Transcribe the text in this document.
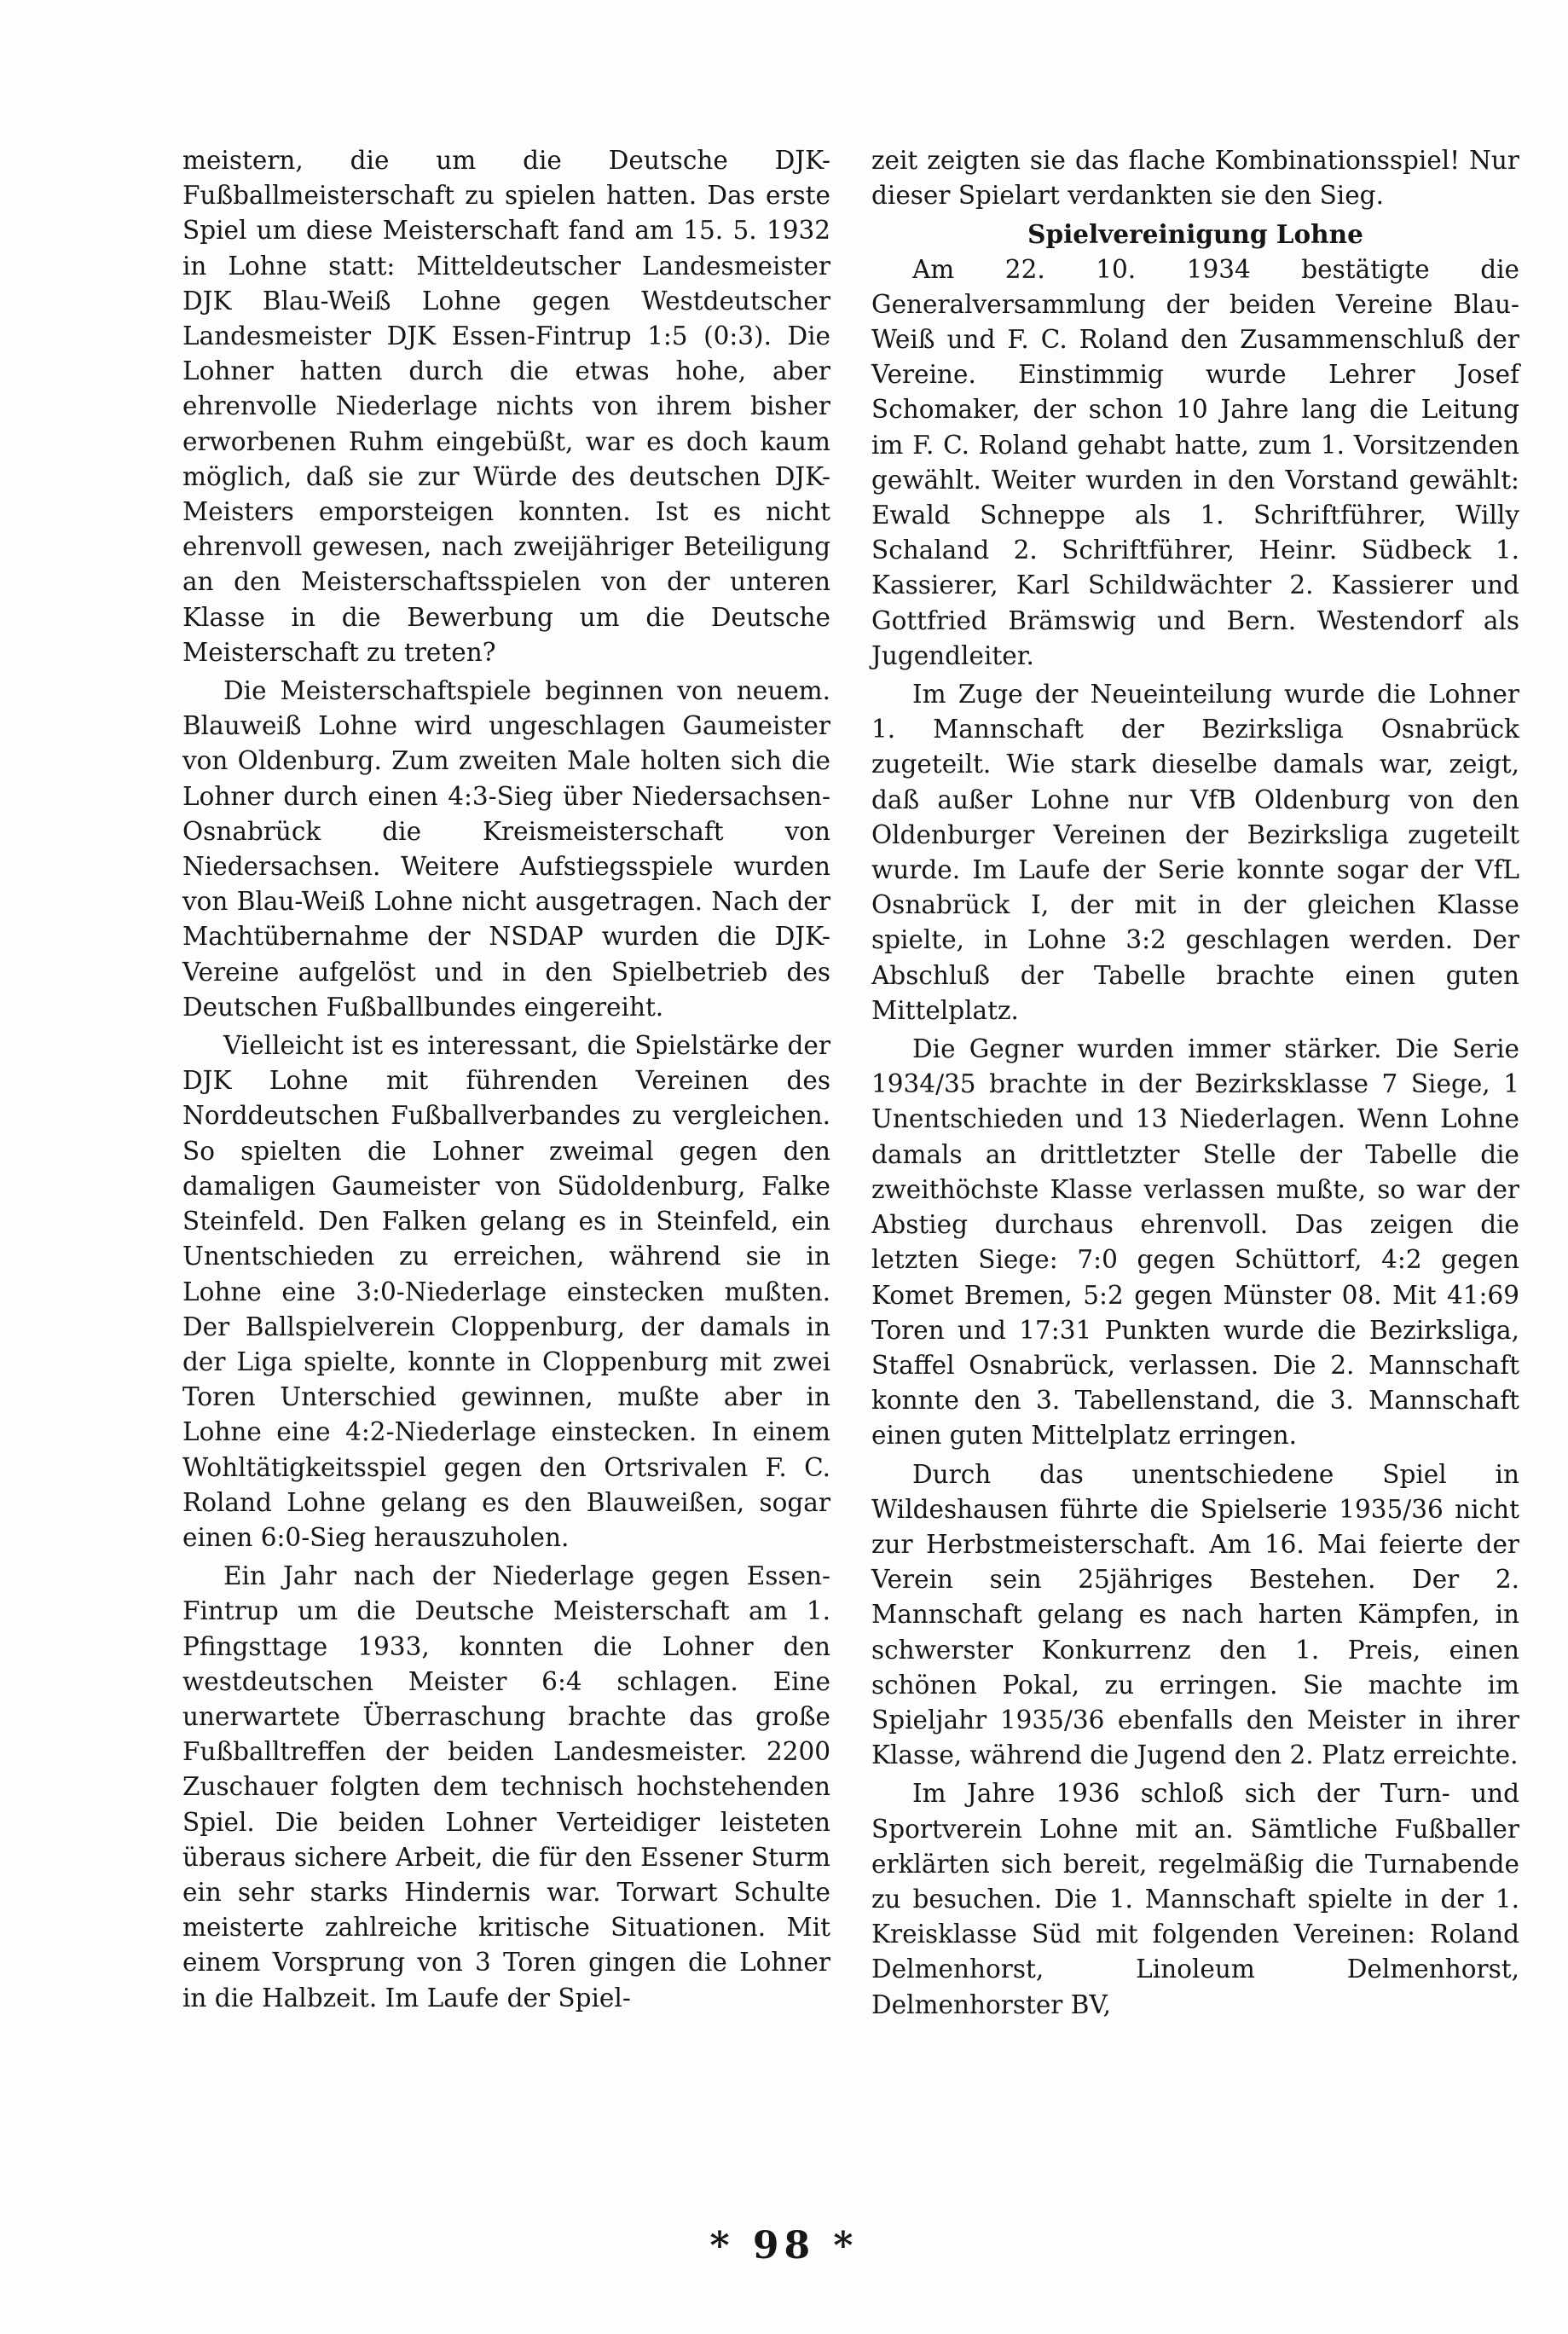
meistern, die um die Deutsche DJK-Fußballmeisterschaft zu spielen hatten. Das erste Spiel um diese Meisterschaft fand am 15. 5. 1932 in Lohne statt: Mitteldeutscher Landesmeister DJK Blau-Weiß Lohne gegen Westdeutscher Landesmeister DJK Essen-Fintrup 1:5 (0:3). Die Lohner hatten durch die etwas hohe, aber ehrenvolle Niederlage nichts von ihrem bisher erworbenen Ruhm eingebüßt, war es doch kaum möglich, daß sie zur Würde des deutschen DJK-Meisters emporsteigen konnten. Ist es nicht ehrenvoll gewesen, nach zweijähriger Beteiligung an den Meisterschaftsspielen von der unteren Klasse in die Bewerbung um die Deutsche Meisterschaft zu treten?

Die Meisterschaftspiele beginnen von neuem. Blauweiß Lohne wird ungeschlagen Gaumeister von Oldenburg. Zum zweiten Male holten sich die Lohner durch einen 4:3-Sieg über Niedersachsen-Osnabrück die Kreismeisterschaft von Niedersachsen. Weitere Aufstiegsspiele wurden von Blau-Weiß Lohne nicht ausgetragen. Nach der Machtübernahme der NSDAP wurden die DJK-Vereine aufgelöst und in den Spielbetrieb des Deutschen Fußballbundes eingereiht.

Vielleicht ist es interessant, die Spielstärke der DJK Lohne mit führenden Vereinen des Norddeutschen Fußballverbandes zu vergleichen. So spielten die Lohner zweimal gegen den damaligen Gaumeister von Südoldenburg, Falke Steinfeld. Den Falken gelang es in Steinfeld, ein Unentschieden zu erreichen, während sie in Lohne eine 3:0-Niederlage einstecken mußten. Der Ballspielverein Cloppenburg, der damals in der Liga spielte, konnte in Cloppenburg mit zwei Toren Unterschied gewinnen, mußte aber in Lohne eine 4:2-Niederlage einstecken. In einem Wohltätigkeitsspiel gegen den Ortsrivalen F. C. Roland Lohne gelang es den Blauweißen, sogar einen 6:0-Sieg herauszuholen.

Ein Jahr nach der Niederlage gegen Essen-Fintrup um die Deutsche Meisterschaft am 1. Pfingsttage 1933, konnten die Lohner den westdeutschen Meister 6:4 schlagen. Eine unerwartete Überraschung brachte das große Fußballtreffen der beiden Landesmeister. 2200 Zuschauer folgten dem technisch hochstehenden Spiel. Die beiden Lohner Verteidiger leisteten überaus sichere Arbeit, die für den Essener Sturm ein sehr starks Hindernis war. Torwart Schulte meisterte zahlreiche kritische Situationen. Mit einem Vorsprung von 3 Toren gingen die Lohner in die Halbzeit. Im Laufe der Spiel-

zeit zeigten sie das flache Kombinationsspiel! Nur dieser Spielart verdankten sie den Sieg.

Spielvereinigung Lohne

Am 22. 10. 1934 bestätigte die Generalversammlung der beiden Vereine Blau-Weiß und F. C. Roland den Zusammenschluß der Vereine. Einstimmig wurde Lehrer Josef Schomaker, der schon 10 Jahre lang die Leitung im F. C. Roland gehabt hatte, zum 1. Vorsitzenden gewählt. Weiter wurden in den Vorstand gewählt: Ewald Schneppe als 1. Schriftführer, Willy Schaland 2. Schriftführer, Heinr. Südbeck 1. Kassierer, Karl Schildwächter 2. Kassierer und Gottfried Brämswig und Bern. Westendorf als Jugendleiter.

Im Zuge der Neueinteilung wurde die Lohner 1. Mannschaft der Bezirksliga Osnabrück zugeteilt. Wie stark dieselbe damals war, zeigt, daß außer Lohne nur VfB Oldenburg von den Oldenburger Vereinen der Bezirksliga zugeteilt wurde. Im Laufe der Serie konnte sogar der VfL Osnabrück I, der mit in der gleichen Klasse spielte, in Lohne 3:2 geschlagen werden. Der Abschluß der Tabelle brachte einen guten Mittelplatz.

Die Gegner wurden immer stärker. Die Serie 1934/35 brachte in der Bezirksklasse 7 Siege, 1 Unentschieden und 13 Niederlagen. Wenn Lohne damals an drittletzter Stelle der Tabelle die zweithöchste Klasse verlassen mußte, so war der Abstieg durchaus ehrenvoll. Das zeigen die letzten Siege: 7:0 gegen Schüttorf, 4:2 gegen Komet Bremen, 5:2 gegen Münster 08. Mit 41:69 Toren und 17:31 Punkten wurde die Bezirksliga, Staffel Osnabrück, verlassen. Die 2. Mannschaft konnte den 3. Tabellenstand, die 3. Mannschaft einen guten Mittelplatz erringen.

Durch das unentschiedene Spiel in Wildeshausen führte die Spielserie 1935/36 nicht zur Herbstmeisterschaft. Am 16. Mai feierte der Verein sein 25jähriges Bestehen. Der 2. Mannschaft gelang es nach harten Kämpfen, in schwerster Konkurrenz den 1. Preis, einen schönen Pokal, zu erringen. Sie machte im Spieljahr 1935/36 ebenfalls den Meister in ihrer Klasse, während die Jugend den 2. Platz erreichte.

Im Jahre 1936 schloß sich der Turn- und Sportverein Lohne mit an. Sämtliche Fußballer erklärten sich bereit, regelmäßig die Turnabende zu besuchen. Die 1. Mannschaft spielte in der 1. Kreisklasse Süd mit folgenden Vereinen: Roland Delmenhorst, Linoleum Delmenhorst, Delmenhorster BV,

* 98 *
